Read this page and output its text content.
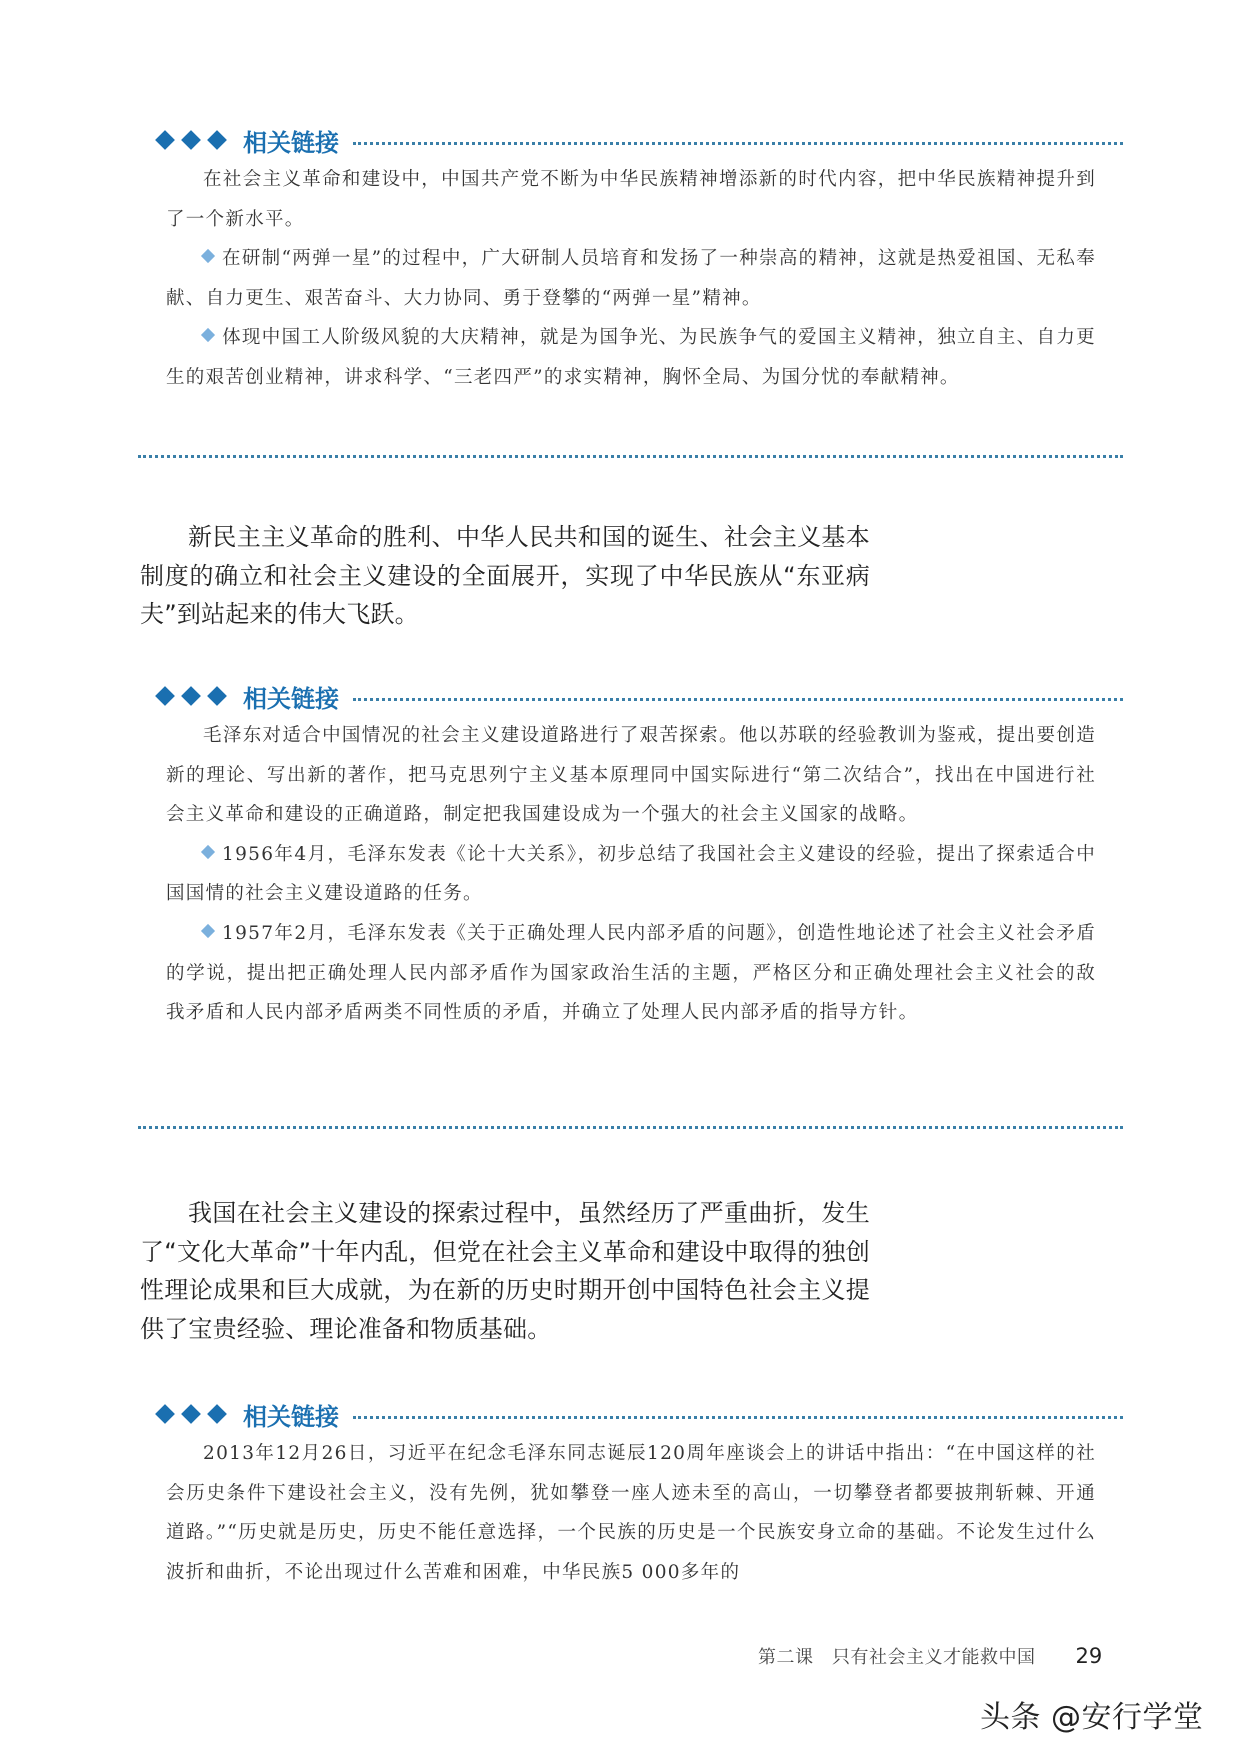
相关链接

在社会主义革命和建设中，中国共产党不断为中华民族精神增添新的时代内容，把中华民族精神提升到了一个新水平。

在研制“两弹一星”的过程中，广大研制人员培育和发扬了一种崇高的精神，这就是热爱祖国、无私奉献、自力更生、艰苦奋斗、大力协同、勇于登攀的“两弹一星”精神。

体现中国工人阶级风貌的大庆精神，就是为国争光、为民族争气的爱国主义精神，独立自主、自力更生的艰苦创业精神，讲求科学、“三老四严”的求实精神，胸怀全局、为国分忧的奉献精神。

新民主主义革命的胜利、中华人民共和国的诞生、社会主义基本制度的确立和社会主义建设的全面展开，实现了中华民族从“东亚病夫”到站起来的伟大飞跃。

相关链接

毛泽东对适合中国情况的社会主义建设道路进行了艰苦探索。他以苏联的经验教训为鉴戒，提出要创造新的理论、写出新的著作，把马克思列宁主义基本原理同中国实际进行“第二次结合”，找出在中国进行社会主义革命和建设的正确道路，制定把我国建设成为一个强大的社会主义国家的战略。

1956年4月，毛泽东发表《论十大关系》，初步总结了我国社会主义建设的经验，提出了探索适合中国国情的社会主义建设道路的任务。

1957年2月，毛泽东发表《关于正确处理人民内部矛盾的问题》，创造性地论述了社会主义社会矛盾的学说，提出把正确处理人民内部矛盾作为国家政治生活的主题，严格区分和正确处理社会主义社会的敌我矛盾和人民内部矛盾两类不同性质的矛盾，并确立了处理人民内部矛盾的指导方针。

我国在社会主义建设的探索过程中，虽然经历了严重曲折，发生了“文化大革命”十年内乱，但党在社会主义革命和建设中取得的独创性理论成果和巨大成就，为在新的历史时期开创中国特色社会主义提供了宝贵经验、理论准备和物质基础。

相关链接

2013年12月26日，习近平在纪念毛泽东同志诞辰120周年座谈会上的讲话中指出：“在中国这样的社会历史条件下建设社会主义，没有先例，犹如攀登一座人迹未至的高山，一切攀登者都要披荆斩棘、开通道路。”“历史就是历史，历史不能任意选择，一个民族的历史是一个民族安身立命的基础。不论发生过什么波折和曲折，不论出现过什么苦难和困难，中华民族5 000多年的

第二课　只有社会主义才能救中国 29
头条 @安行学堂
